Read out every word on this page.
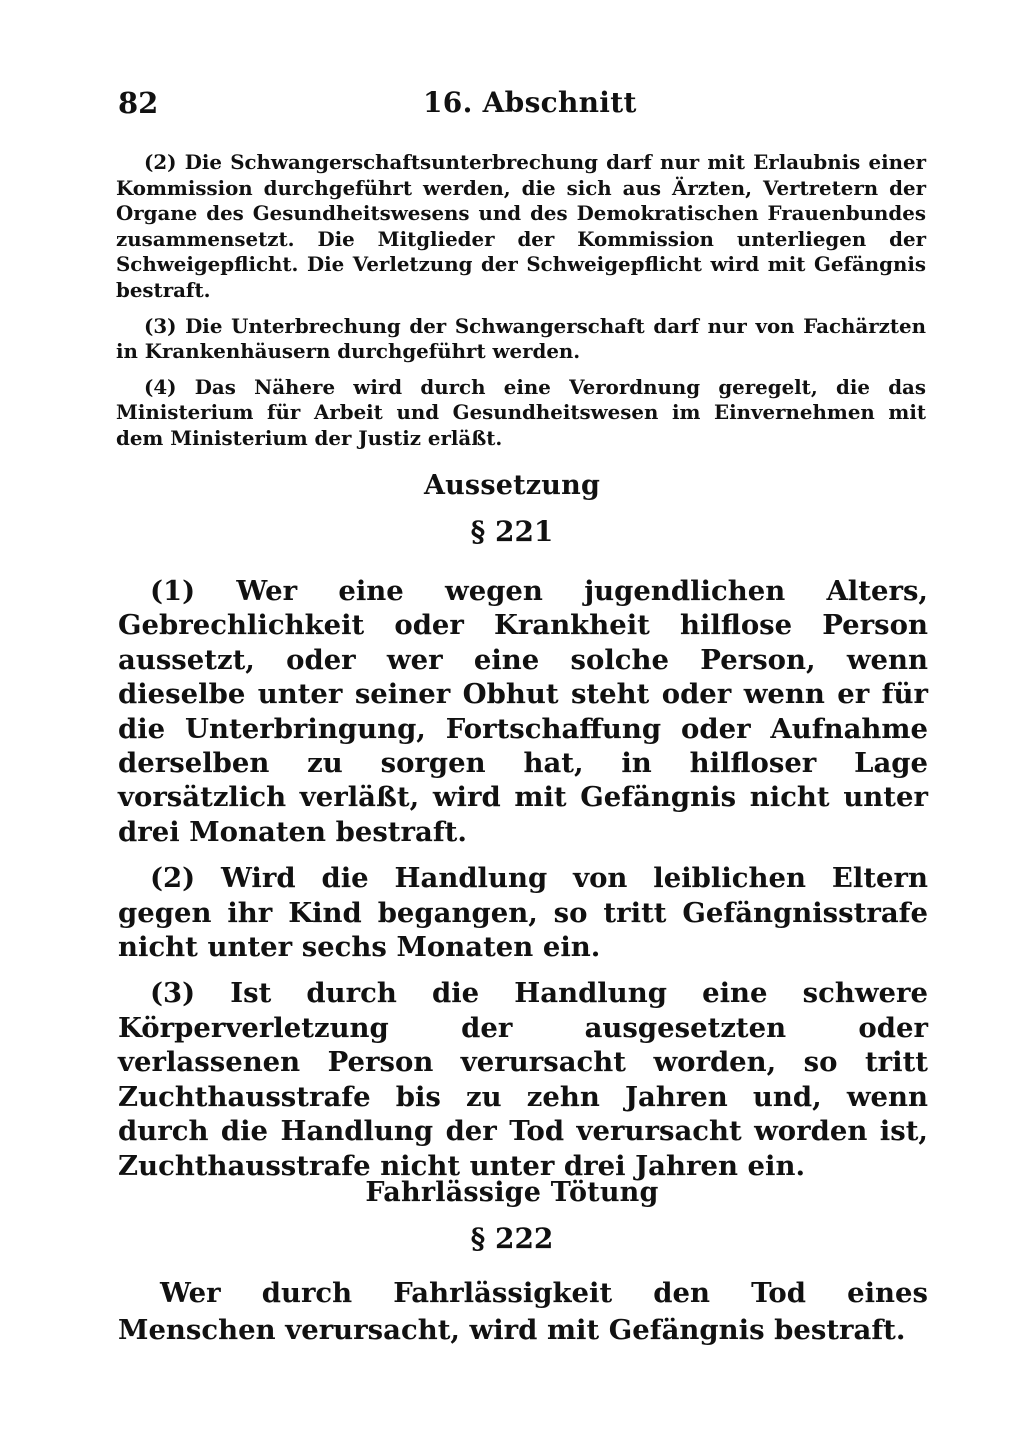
82	16. Abschnitt

(2) Die Schwangerschaftsunterbrechung darf nur mit Erlaubnis einer Kommission durchgeführt werden, die sich aus Ärzten, Vertretern der Organe des Gesundheitswesens und des Demokratischen Frauenbundes zusammensetzt. Die Mitglieder der Kommission unterliegen der Schweigepflicht. Die Verletzung der Schweigepflicht wird mit Gefängnis bestraft.

(3) Die Unterbrechung der Schwangerschaft darf nur von Fachärzten in Krankenhäusern durchgeführt werden.

(4) Das Nähere wird durch eine Verordnung geregelt, die das Ministerium für Arbeit und Gesundheitswesen im Einvernehmen mit dem Ministerium der Justiz erläßt.

Aussetzung
§ 221

(1) Wer eine wegen jugendlichen Alters, Gebrechlichkeit oder Krankheit hilflose Person aussetzt, oder wer eine solche Person, wenn dieselbe unter seiner Obhut steht oder wenn er für die Unterbringung, Fortschaffung oder Aufnahme derselben zu sorgen hat, in hilfloser Lage vorsätzlich verläßt, wird mit Gefängnis nicht unter drei Monaten bestraft.

(2) Wird die Handlung von leiblichen Eltern gegen ihr Kind begangen, so tritt Gefängnisstrafe nicht unter sechs Monaten ein.

(3) Ist durch die Handlung eine schwere Körperverletzung der ausgesetzten oder verlassenen Person verursacht worden, so tritt Zuchthausstrafe bis zu zehn Jahren und, wenn durch die Handlung der Tod verursacht worden ist, Zuchthausstrafe nicht unter drei Jahren ein.

Fahrlässige Tötung
§ 222

Wer durch Fahrlässigkeit den Tod eines Menschen verursacht, wird mit Gefängnis bestraft.
